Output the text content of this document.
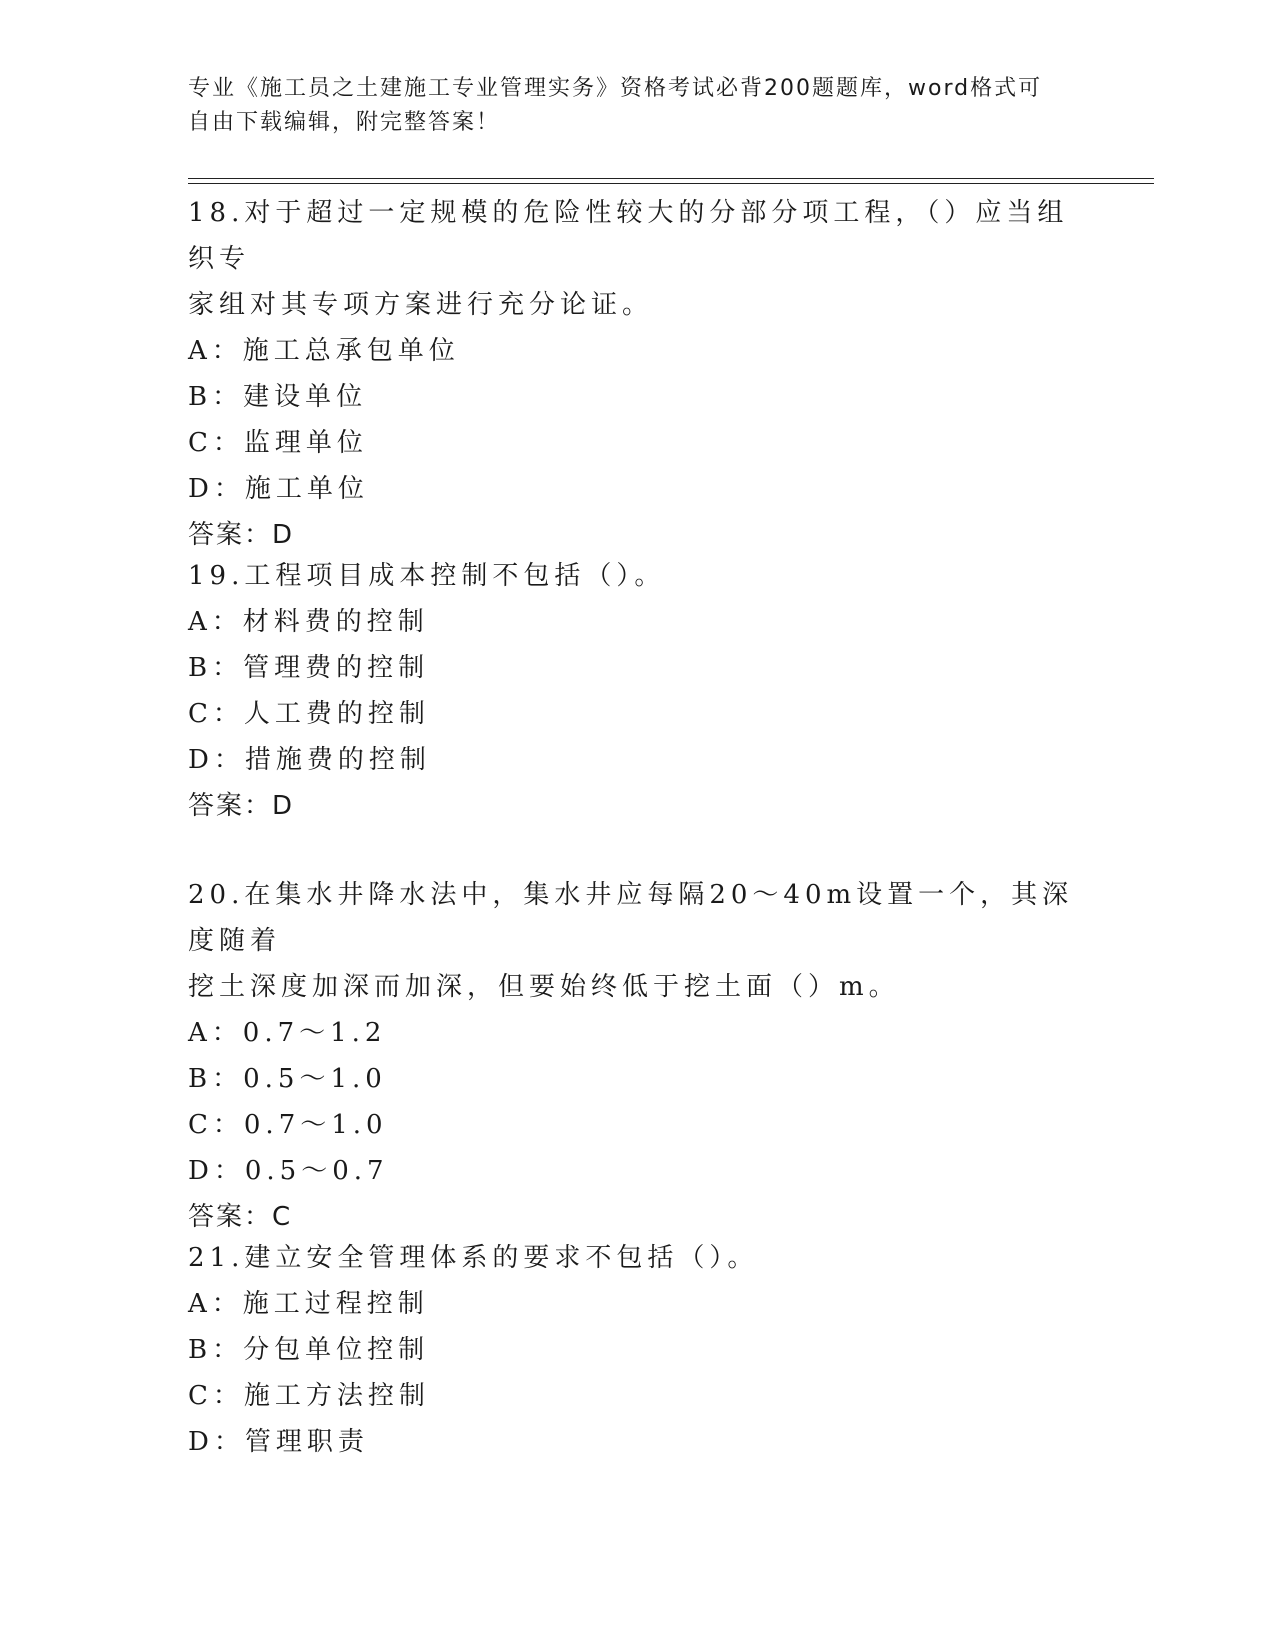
专业《施工员之土建施工专业管理实务》资格考试必背200题题库，word格式可
自由下载编辑，附完整答案！
18.对于超过一定规模的危险性较大的分部分项工程，（）应当组织专
家组对其专项方案进行充分论证。
A：施工总承包单位
B：建设单位
C：监理单位
D：施工单位
答案：D
19.工程项目成本控制不包括（）。
A：材料费的控制
B：管理费的控制
C：人工费的控制
D：措施费的控制
答案：D
20.在集水井降水法中，集水井应每隔20～40m设置一个，其深度随着
挖土深度加深而加深，但要始终低于挖土面（）m。
A：0.7～1.2
B：0.5～1.0
C：0.7～1.0
D：0.5～0.7
答案：C
21.建立安全管理体系的要求不包括（）。
A：施工过程控制
B：分包单位控制
C：施工方法控制
D：管理职责
